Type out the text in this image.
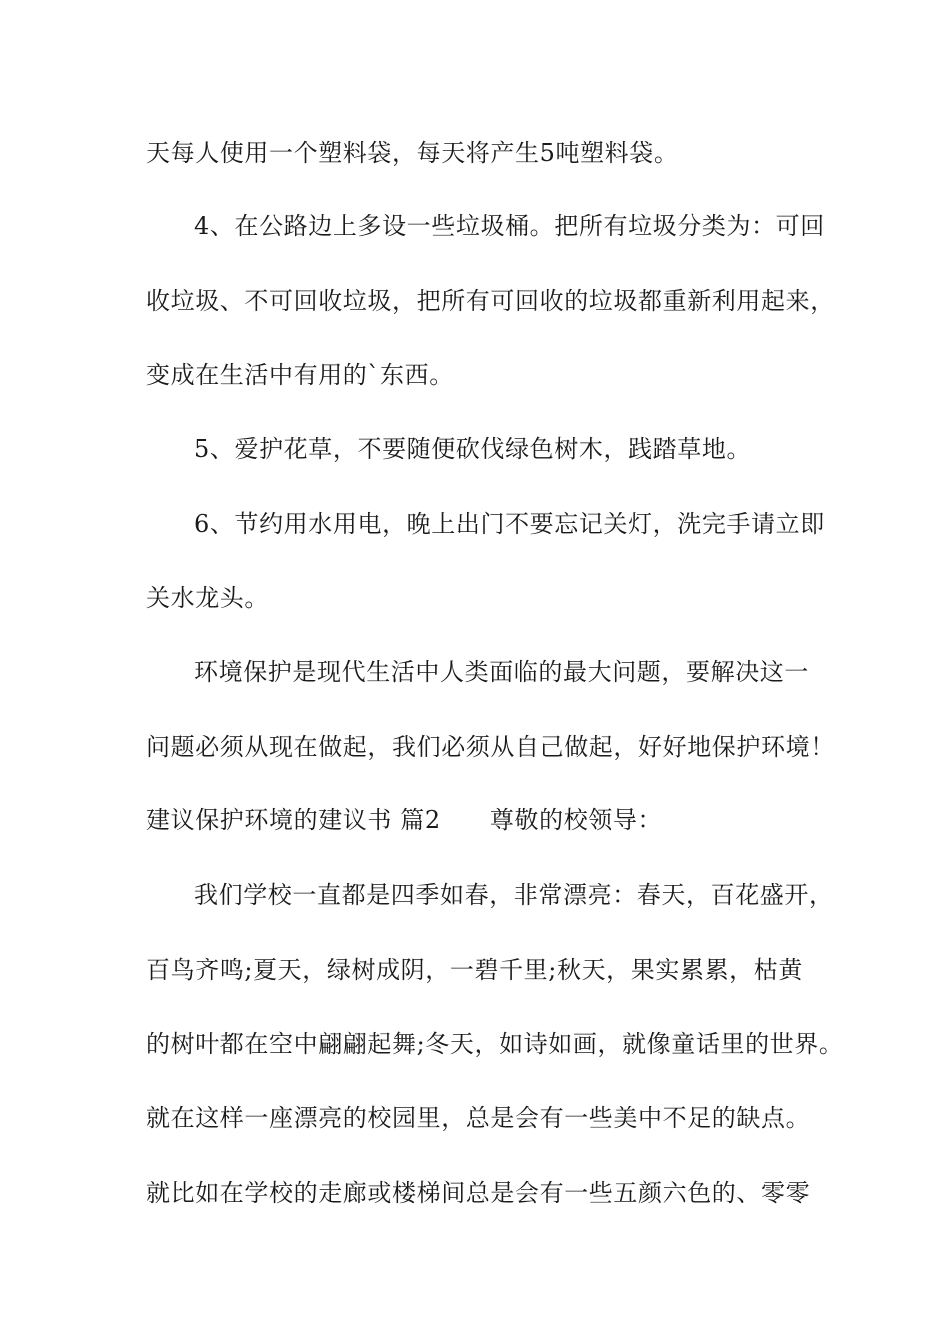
天每人使用一个塑料袋，每天将产生5吨塑料袋。
4、在公路边上多设一些垃圾桶。把所有垃圾分类为：可回
收垃圾、不可回收垃圾，把所有可回收的垃圾都重新利用起来，
变成在生活中有用的`东西。
5、爱护花草，不要随便砍伐绿色树木，践踏草地。
6、节约用水用电，晚上出门不要忘记关灯，洗完手请立即
关水龙头。
环境保护是现代生活中人类面临的最大问题，要解决这一
问题必须从现在做起，我们必须从自己做起，好好地保护环境！
建议保护环境的建议书 篇2　　尊敬的校领导：
我们学校一直都是四季如春，非常漂亮：春天，百花盛开，
百鸟齐鸣;夏天，绿树成阴，一碧千里;秋天，果实累累，枯黄
的树叶都在空中翩翩起舞;冬天，如诗如画，就像童话里的世界。
就在这样一座漂亮的校园里，总是会有一些美中不足的缺点。
就比如在学校的走廊或楼梯间总是会有一些五颜六色的、零零
